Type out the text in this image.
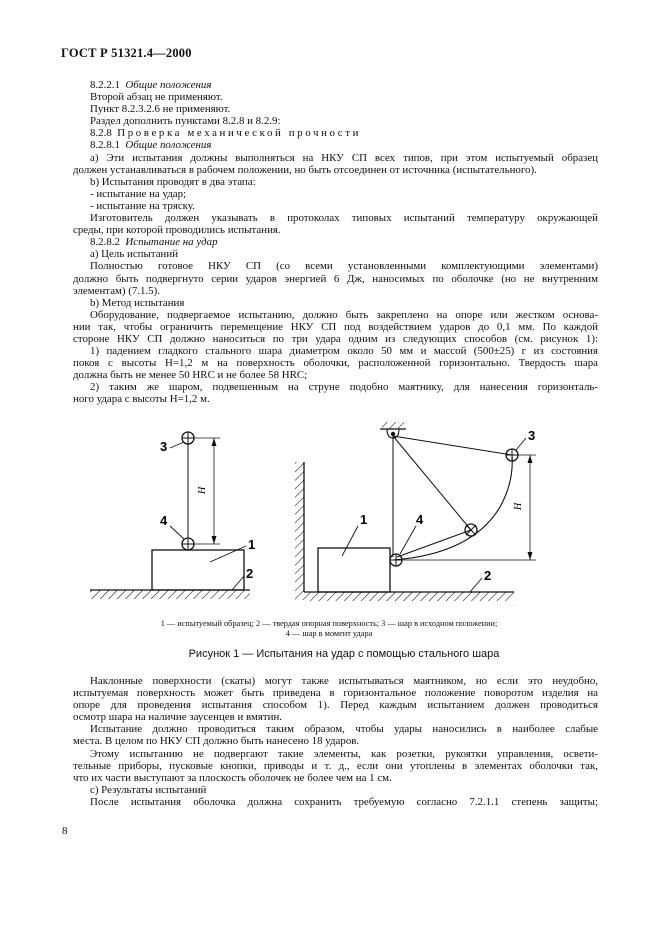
ГОСТ Р 51321.4—2000

8.2.2.1 Общие положения

Второй абзац не применяют.

Пункт 8.2.3.2.6 не применяют.

Раздел дополнить пунктами 8.2.8 и 8.2.9:

8.2.8 Проверка механической прочности

8.2.8.1 Общие положения

а) Эти испытания должны выполняться на НКУ СП всех типов, при этом испытуемый образец

должен устанавливаться в рабочем положении, но быть отсоединен от источника (испытательного).

b) Испытания проводят в два этапа:

- испытание на удар;

- испытание на тряску.

Изготовитель должен указывать в протоколах типовых испытаний температуру окружающей

среды, при которой проводились испытания.

8.2.8.2 Испытание на удар

а) Цель испытаний

Полностью готовое НКУ СП (со всеми установленными комплектующими элементами)

должно быть подвергнуто серии ударов энергией 6 Дж, наносимых по оболочке (но не внутренним

элементам) (7.1.5).

b) Метод испытания

Оборудование, подвергаемое испытанию, должно быть закреплено на опоре или жестком основа-

нии так, чтобы ограничить перемещение НКУ СП под воздействием ударов до 0,1 мм. По каждой

стороне НКУ СП должно наноситься по три удара одним из следующих способов (см. рисунок 1):

1) падением гладкого стального шара диаметром около 50 мм и массой (500±25) г из состояния

покоя с высоты H=1,2 м на поверхность оболочки, расположенной горизонтально. Твердость шара

должна быть не менее 50 HRC и не более 58 HRC;

2) таким же шаром, подвешенным на струне подобно маятнику, для нанесения горизонталь-

ного удара с высоты H=1,2 м.

H
3
4
1
2
H
3
4
1
2
1 — испытуемый образец; 2 — твердая опорная поверхность; 3 — шар в исходном положении;
4 — шар в момент удара
Рисунок 1 — Испытания на удар с помощью стального шара

Наклонные поверхности (скаты) могут также испытываться маятником, но если это неудобно,

испытуемая поверхность может быть приведена в горизонтальное положение поворотом изделия на

опоре для проведения испытания способом 1). Перед каждым испытанием должен проводиться

осмотр шара на наличие заусенцев и вмятин.

Испытание должно проводиться таким образом, чтобы удары наносились в наиболее слабые

места. В целом по НКУ СП должно быть нанесено 18 ударов.

Этому испытанию не подвергают такие элементы, как розетки, рукоятки управления, освети-

тельные приборы, пусковые кнопки, приводы и т. д., если они утоплены в элементах оболочки так,

что их части выступают за плоскость оболочек не более чем на 1 см.

с) Результаты испытаний

После испытания оболочка должна сохранить требуемую согласно 7.2.1.1 степень защиты;

8
